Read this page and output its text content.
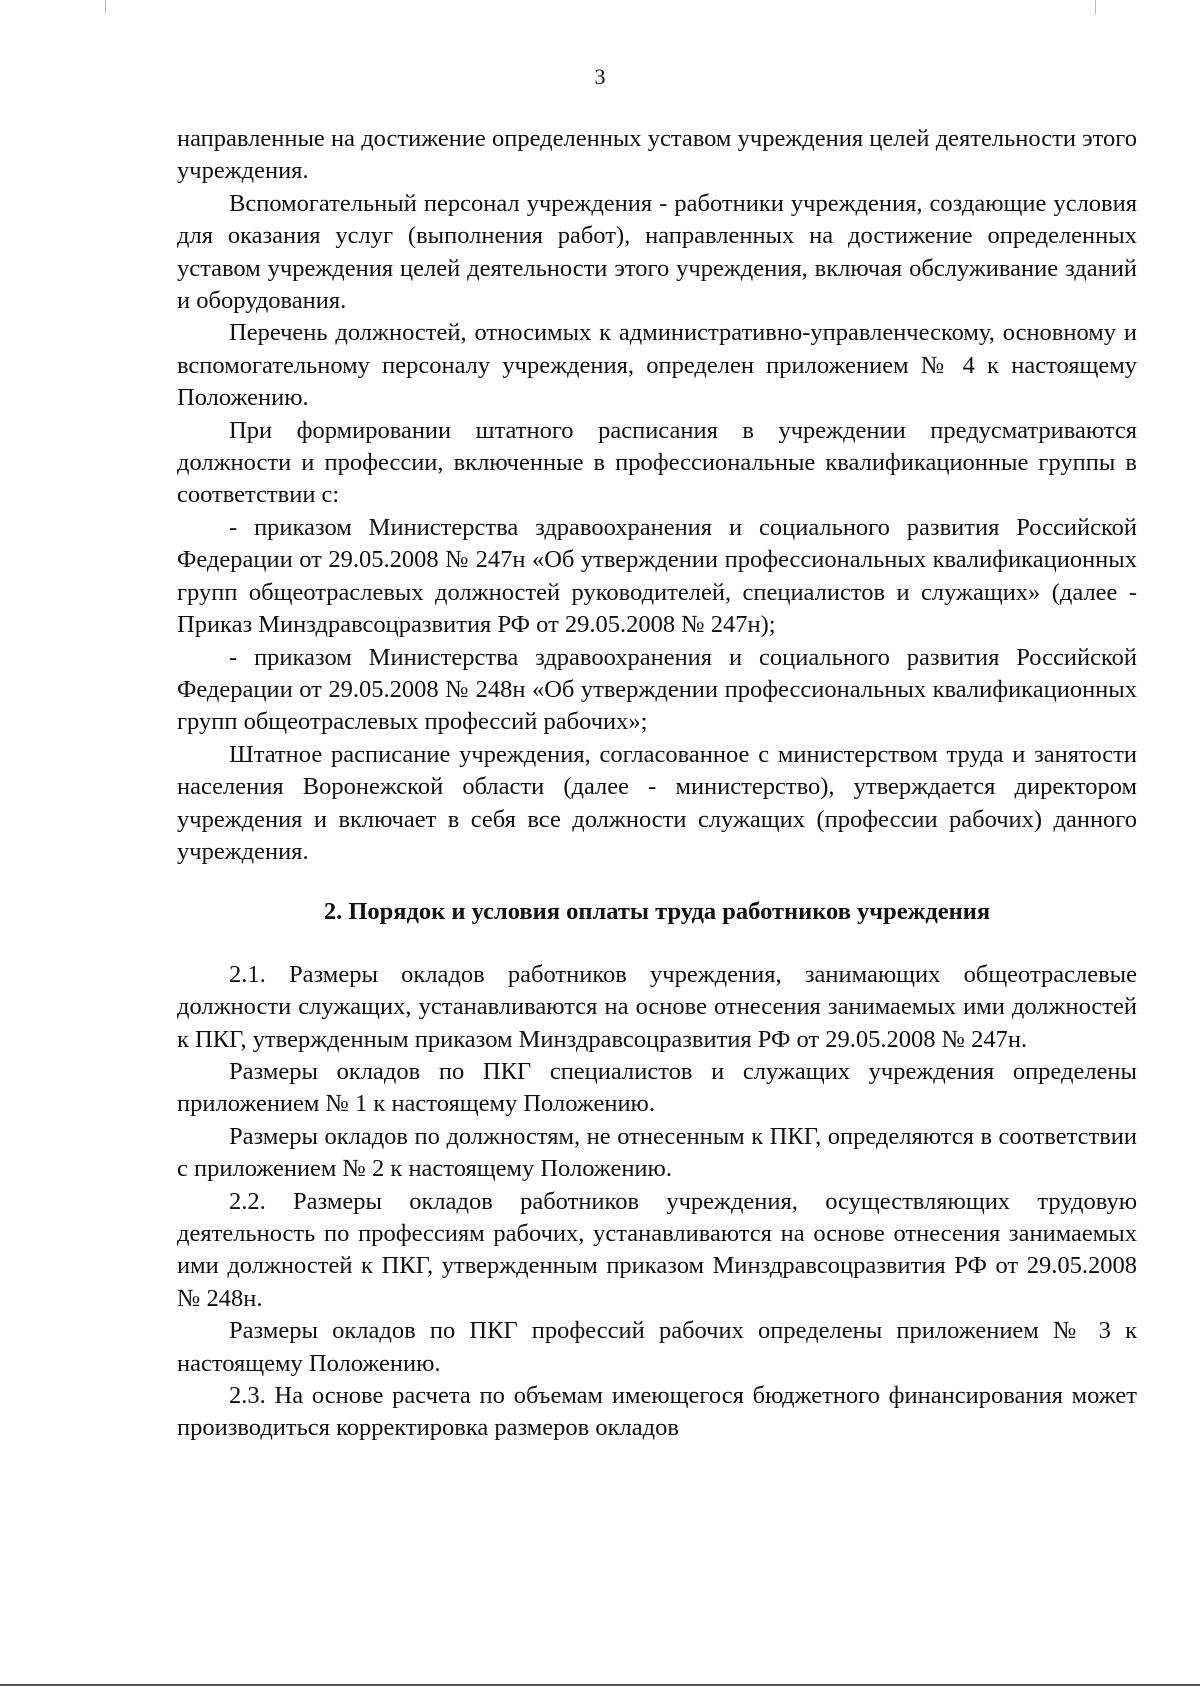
3

направленные на достижение определенных уставом учреждения целей деятельности этого учреждения.

Вспомогательный персонал учреждения - работники учреждения, создающие условия для оказания услуг (выполнения работ), направленных на достижение определенных уставом учреждения целей деятельности этого учреждения, включая обслуживание зданий и оборудования.

Перечень должностей, относимых к административно-управленческому, основному и вспомогательному персоналу учреждения, определен приложением № 4 к настоящему Положению.

При формировании штатного расписания в учреждении предусматриваются должности и профессии, включенные в профессиональные квалификационные группы в соответствии с:

- приказом Министерства здравоохранения и социального развития Российской Федерации от 29.05.2008 № 247н «Об утверждении профессиональных квалификационных групп общеотраслевых должностей руководителей, специалистов и служащих» (далее - Приказ Минздравсоцразвития РФ от 29.05.2008 № 247н);

- приказом Министерства здравоохранения и социального развития Российской Федерации от 29.05.2008 № 248н «Об утверждении профессиональных квалификационных групп общеотраслевых профессий рабочих»;

Штатное расписание учреждения, согласованное с министерством труда и занятости населения Воронежской области (далее - министерство), утверждается директором учреждения и включает в себя все должности служащих (профессии рабочих) данного учреждения.

2. Порядок и условия оплаты труда работников учреждения

2.1. Размеры окладов работников учреждения, занимающих общеотраслевые должности служащих, устанавливаются на основе отнесения занимаемых ими должностей к ПКГ, утвержденным приказом Минздравсоцразвития РФ от 29.05.2008 № 247н.

Размеры окладов по ПКГ специалистов и служащих учреждения определены приложением № 1 к настоящему Положению.

Размеры окладов по должностям, не отнесенным к ПКГ, определяются в соответствии с приложением № 2 к настоящему Положению.

2.2. Размеры окладов работников учреждения, осуществляющих трудовую деятельность по профессиям рабочих, устанавливаются на основе отнесения занимаемых ими должностей к ПКГ, утвержденным приказом Минздравсоцразвития РФ от 29.05.2008 № 248н.

Размеры окладов по ПКГ профессий рабочих определены приложением № 3 к настоящему Положению.

2.3. На основе расчета по объемам имеющегося бюджетного финансирования может производиться корректировка размеров окладов
